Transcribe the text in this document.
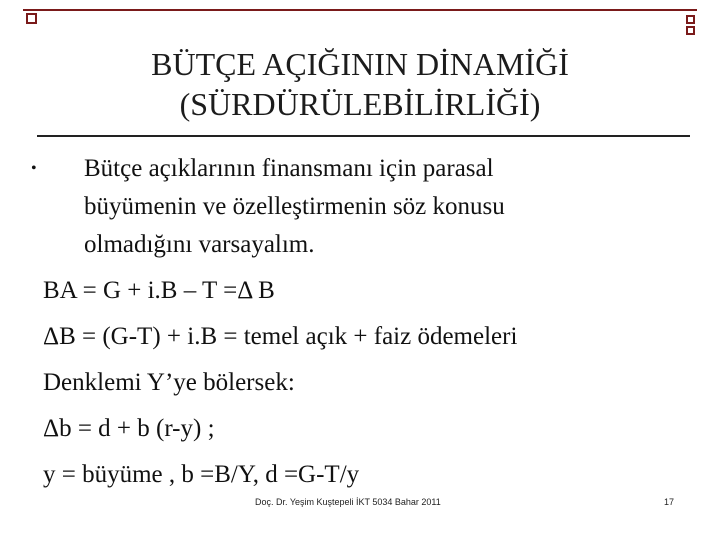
BÜTÇE AÇIĞININ DİNAMİĞİ
(SÜRDÜRÜLEBİLİRLİĞİ)
•	Bütçe açıklarının finansmanı için parasal
büyümenin ve özelleştirmenin söz konusu
olmadığını varsayalım.
BA = G + i.B – T =Δ B
ΔB = (G-T) + i.B = temel açık + faiz ödemeleri
Denklemi Y’ye bölersek:
Δb = d + b (r-y) ;
y = büyüme , b =B/Y, d =G-T/y
Doç. Dr. Yeşim Kuştepeli İKT 5034 Bahar 2011	17
